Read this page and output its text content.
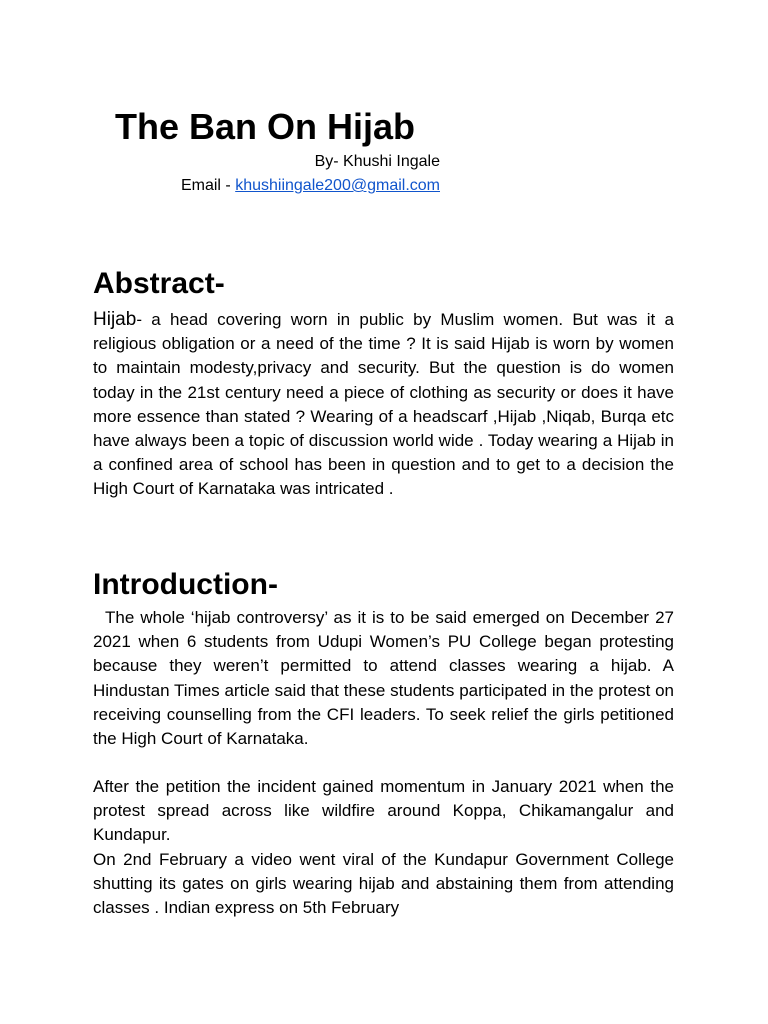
The Ban On Hijab
By- Khushi Ingale
Email - khushiingale200@gmail.com
Abstract-

Hijab- a head covering worn in public by Muslim women. But was it a religious obligation or a need of the time ? It is said Hijab is worn by women to maintain modesty,privacy and security. But the question is do women today in the 21st century need a piece of clothing as security or does it have more essence than stated ? Wearing of a headscarf ,Hijab ,Niqab, Burqa etc have always been a topic of discussion world wide . Today wearing a Hijab in a confined area of school has been in question and to get to a decision the High Court of Karnataka was intricated .

Introduction-

The whole ‘hijab controversy’ as it is to be said emerged on December 27 2021 when 6 students from Udupi Women’s PU College began protesting because they weren’t permitted to attend classes wearing a hijab. A Hindustan Times article said that these students participated in the protest on receiving counselling from the CFI leaders. To seek relief the girls petitioned the High Court of Karnataka.

After the petition the incident gained momentum in January 2021 when the protest spread across like wildfire around Koppa, Chikamangalur and Kundapur.

On 2nd February a video went viral of the Kundapur Government College shutting its gates on girls wearing hijab and abstaining them from attending classes . Indian express on 5th February
